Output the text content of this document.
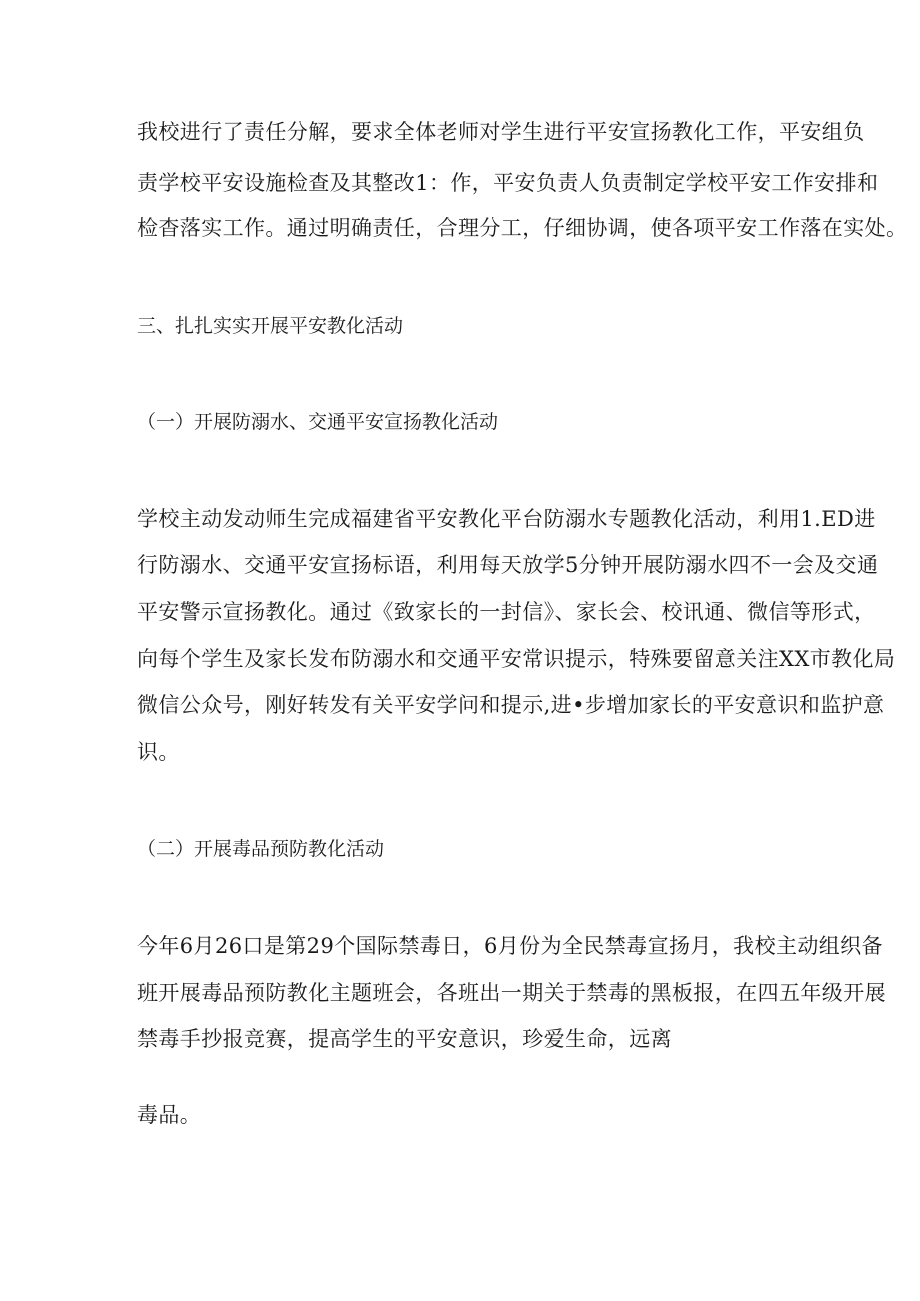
我校进行了责任分解，要求全体老师对学生进行平安宣扬教化工作，平安组负
责学校平安设施检查及其整改1：作，平安负责人负责制定学校平安工作安排和
检杳落实工作。通过明确责任，合理分工，仔细协调，使各项平安工作落在实处。
三、扎扎实实开展平安教化活动
（一）开展防溺水、交通平安宣扬教化活动
学校主动发动师生完成福建省平安教化平台防溺水专题教化活动，利用1.ED进
行防溺水、交通平安宣扬标语，利用每天放学5分钟开展防溺水四不一会及交通
平安警示宣扬教化。通过《致家长的一封信》、家长会、校讯通、微信等形式，
向每个学生及家长发布防溺水和交通平安常识提示，特殊要留意关注XX市教化局
微信公众号，刚好转发有关平安学问和提示,进•步增加家长的平安意识和监护意
识。
（二）开展毒品预防教化活动
今年6月26口是第29个国际禁毒日，6月份为全民禁毒宣扬月，我校主动组织备
班开展毒品预防教化主题班会，各班出一期关于禁毒的黑板报，在四五年级开展
禁毒手抄报竞赛，提高学生的平安意识，珍爱生命，远离
毒品。
